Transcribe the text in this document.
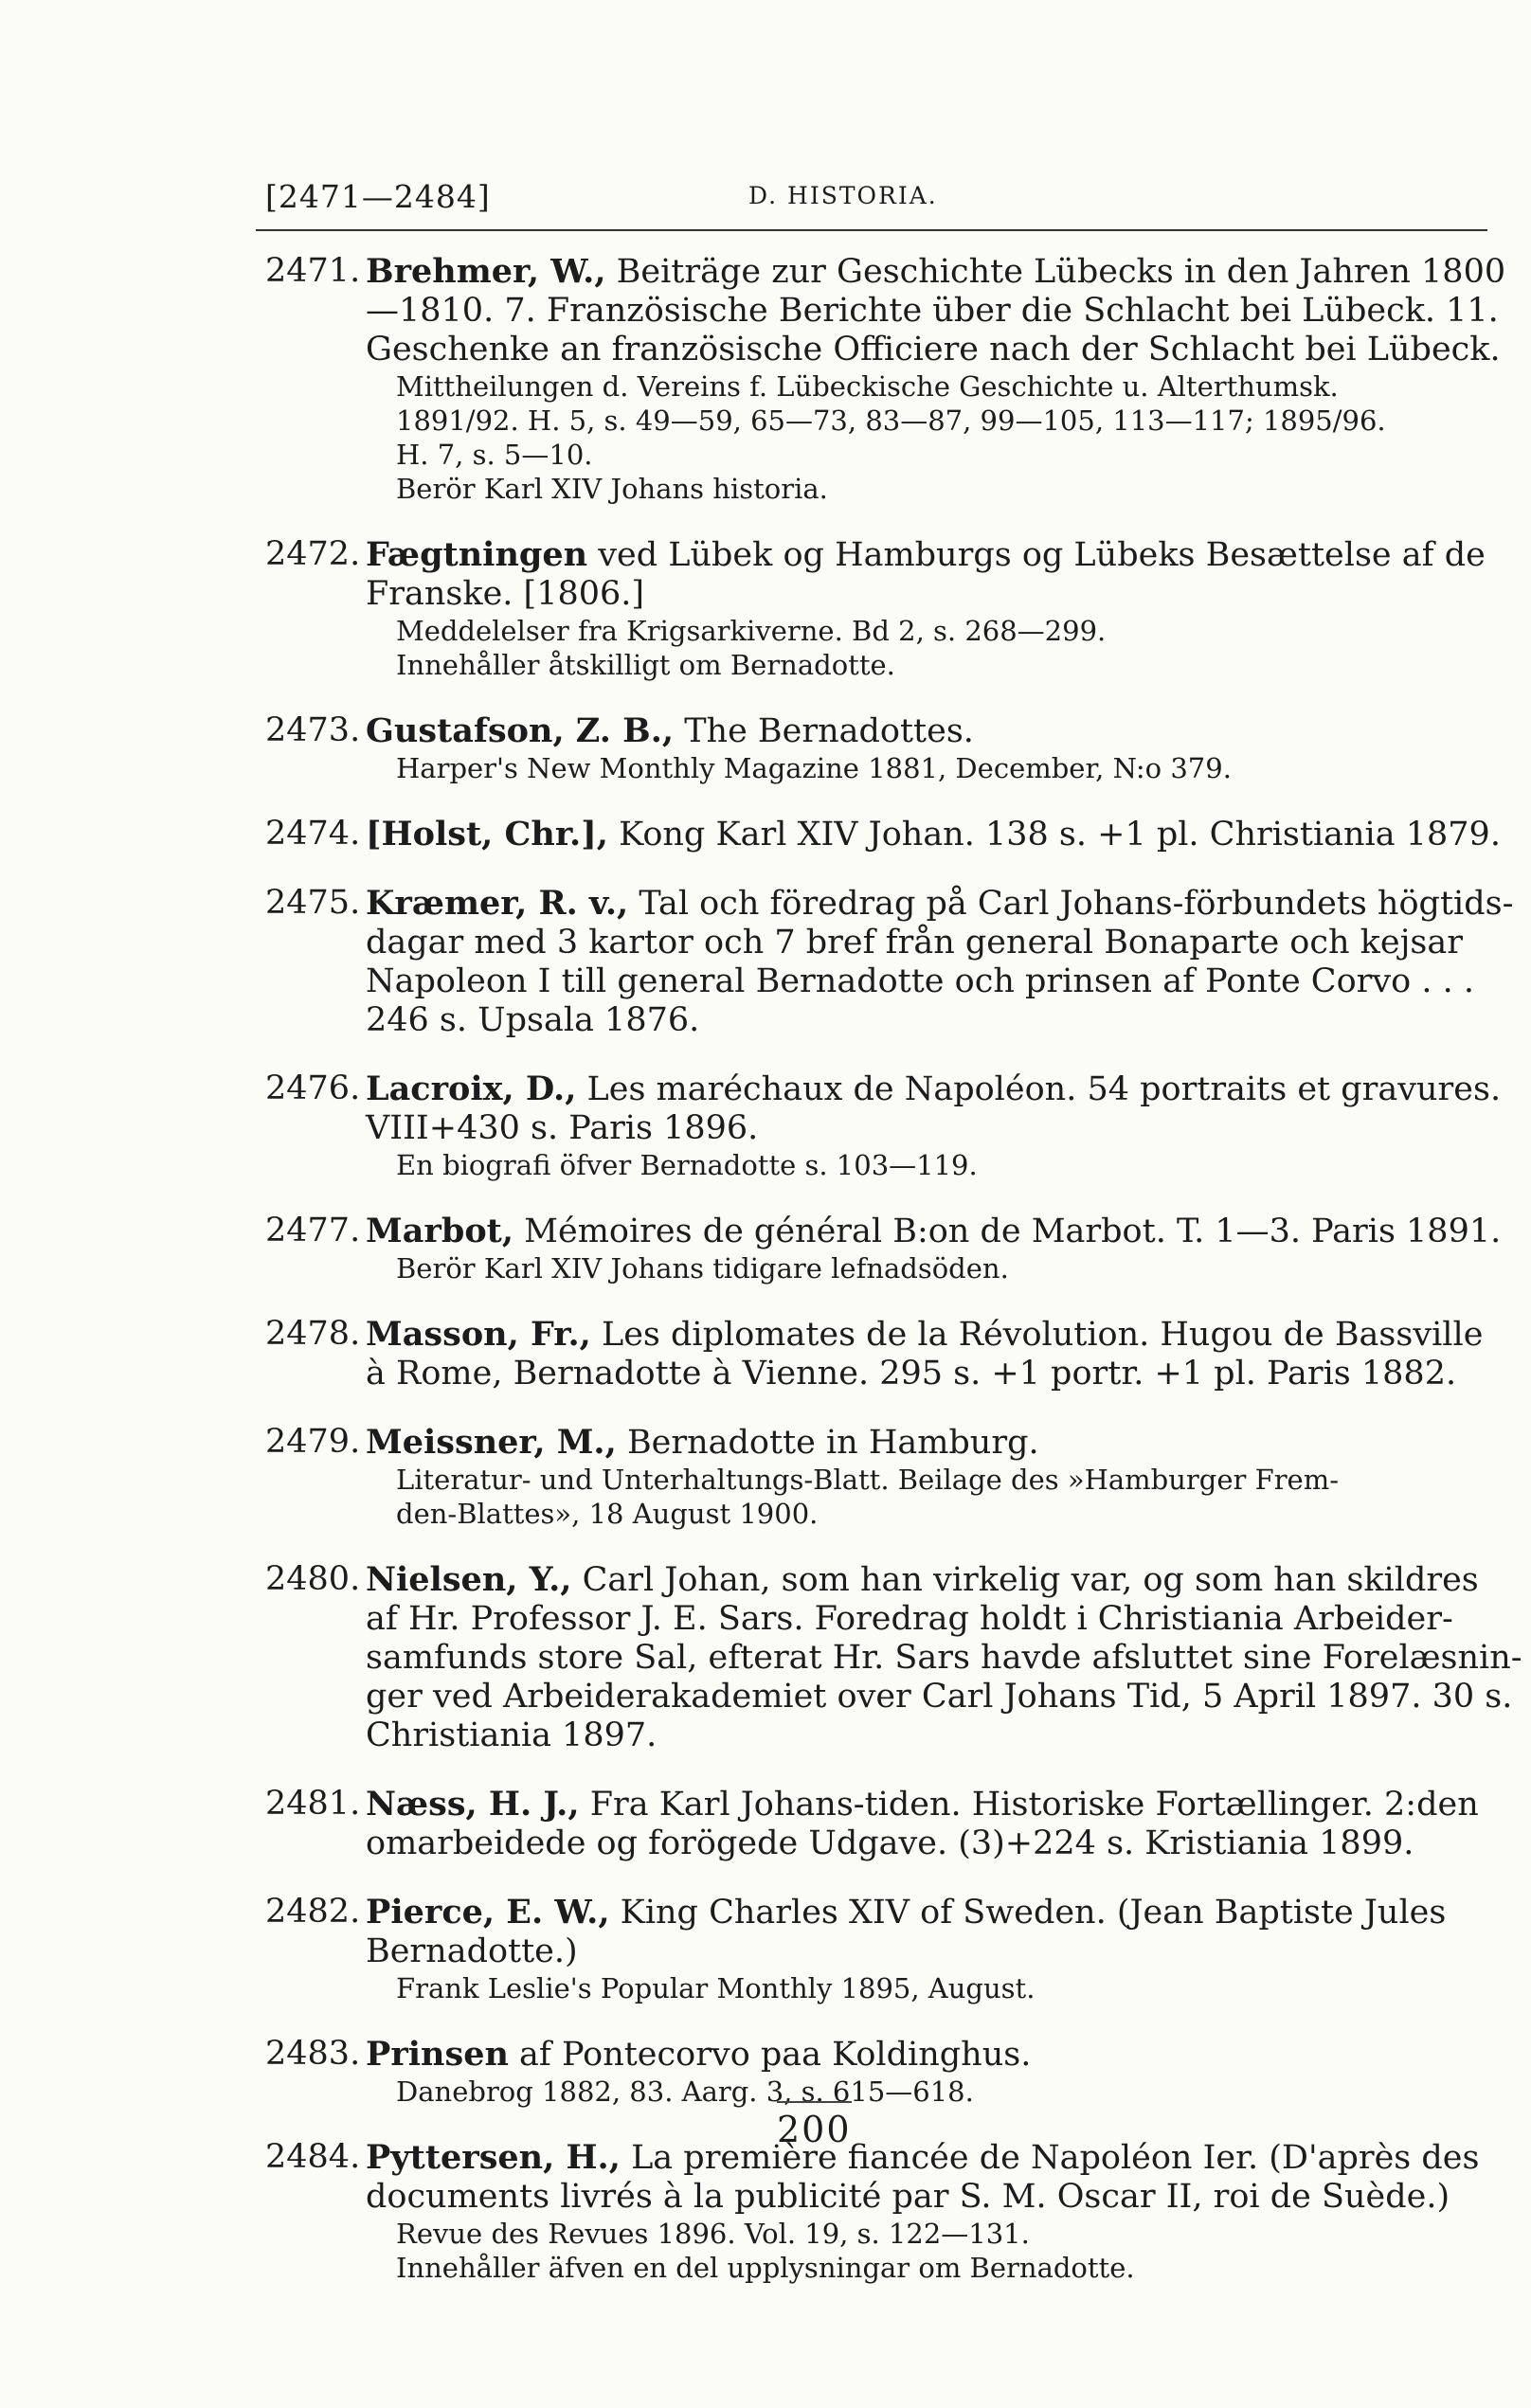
[2471—2484]	D. HISTORIA.
2471. Brehmer, W., Beiträge zur Geschichte Lübecks in den Jahren 1800
—1810. 7. Französische Berichte über die Schlacht bei Lübeck. 11.
Geschenke an französische Officiere nach der Schlacht bei Lübeck.
Mittheilungen d. Vereins f. Lübeckische Geschichte u. Alterthumsk.
1891/92. H. 5, s. 49—59, 65—73, 83—87, 99—105, 113—117; 1895/96.
H. 7, s. 5—10.
Berör Karl XIV Johans historia.
2472. Fægtningen ved Lübek og Hamburgs og Lübeks Besættelse af de
Franske. [1806.]
Meddelelser fra Krigsarkiverne. Bd 2, s. 268—299.
Innehåller åtskilligt om Bernadotte.
2473. Gustafson, Z. B., The Bernadottes.
Harper's New Monthly Magazine 1881, December, N:o 379.
2474. [Holst, Chr.], Kong Karl XIV Johan. 138 s. +1 pl. Christiania 1879.
2475. Kræmer, R. v., Tal och föredrag på Carl Johans-förbundets högtids-
dagar med 3 kartor och 7 bref från general Bonaparte och kejsar
Napoleon I till general Bernadotte och prinsen af Ponte Corvo . . .
246 s. Upsala 1876.
2476. Lacroix, D., Les maréchaux de Napoléon. 54 portraits et gravures.
VIII+430 s. Paris 1896.
En biografi öfver Bernadotte s. 103—119.
2477. Marbot, Mémoires de général B:on de Marbot. T. 1—3. Paris 1891.
Berör Karl XIV Johans tidigare lefnadsöden.
2478. Masson, Fr., Les diplomates de la Révolution. Hugou de Bassville
à Rome, Bernadotte à Vienne. 295 s. +1 portr. +1 pl. Paris 1882.
2479. Meissner, M., Bernadotte in Hamburg.
Literatur- und Unterhaltungs-Blatt. Beilage des »Hamburger Frem-
den-Blattes», 18 August 1900.
2480. Nielsen, Y., Carl Johan, som han virkelig var, og som han skildres
af Hr. Professor J. E. Sars. Foredrag holdt i Christiania Arbeider-
samfunds store Sal, efterat Hr. Sars havde afsluttet sine Forelæsnin-
ger ved Arbeiderakademiet over Carl Johans Tid, 5 April 1897. 30 s.
Christiania 1897.
2481. Næss, H. J., Fra Karl Johans-tiden. Historiske Fortællinger. 2:den
omarbeidede og forögede Udgave. (3)+224 s. Kristiania 1899.
2482. Pierce, E. W., King Charles XIV of Sweden. (Jean Baptiste Jules
Bernadotte.)
Frank Leslie's Popular Monthly 1895, August.
2483. Prinsen af Pontecorvo paa Koldinghus.
Danebrog 1882, 83. Aarg. 3, s. 615—618.
2484. Pyttersen, H., La première fiancée de Napoléon Ier. (D'après des
documents livrés à la publicité par S. M. Oscar II, roi de Suède.)
Revue des Revues 1896. Vol. 19, s. 122—131.
Innehåller äfven en del upplysningar om Bernadotte.
200
